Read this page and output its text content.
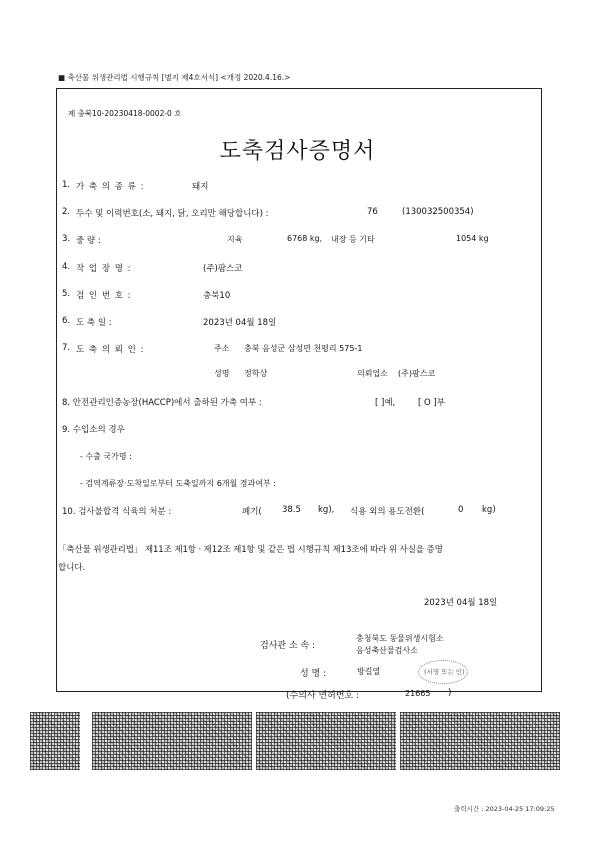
■ 축산물 위생관리법 시행규칙 [별지 제4호서식] <개정 2020.4.16.>
제 충북10-20230418-0002-0 호
도축검사증명서
1. 가 축 의 종 류 :	돼지
2. 두수 및 이력번호(소, 돼지, 닭, 오리만 해당합니다) :	76	(130032500354)
3. 중 량 :	지육	6768 kg, 내장 등 기타	1054 kg
4. 작 업 장 명 :	(주)팜스코
5. 검 인 번 호 :	충북10
6. 도 축 일 :	2023년 04월 18일
7. 도 축 의 뢰 인 :	주소 충북 음성군 삼성면 천평리 575-1
성명 정학상	의뢰업소 (주)팜스코
8. 안전관리인증농장(HACCP)에서 출하된 가축 여부 :	[ ]예,	[ O ]부
9. 수입소의 경우
- 수출 국가명 :
- 검역계류장·도착일로부터 도축일까지 6개월 경과여부 :
10. 검사불합격 식육의 처분 :	폐기( 38.5 kg), 식용 외의 용도전환(	0 kg)
「축산물 위생관리법」 제11조 제1항 · 제12조 제1항 및 같은 법 시행규칙 제13조에 따라 위 사실을 증명
합니다.
2023년 04월 18일
검사관 소 속 :
충청북도 동물위생시험소
음성축산물검사소
성 명 :	방길열	(서명 또는 인)
(수의사 면허번호 :	21665 )
출력시간 : 2023-04-25 17:09:25
